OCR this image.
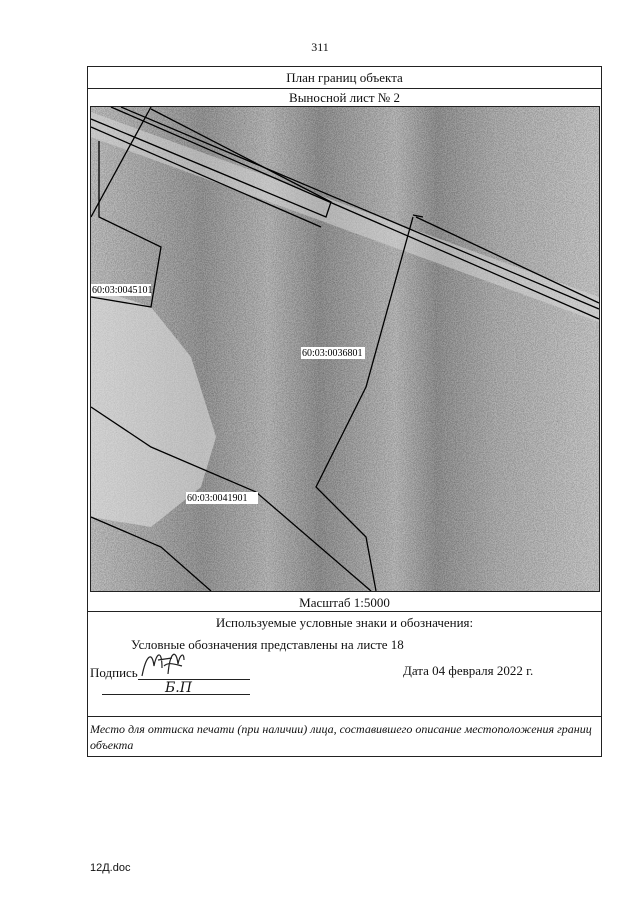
311
План границ объекта
Выносной лист № 2
60:03:0045101
60:03:0036801
60:03:0041901
Масштаб 1:5000
Используемые условные знаки и обозначения:
Условные обозначения представлены на листе 18
Подпись
Б.П
Дата 04 февраля 2022 г.
Место для оттиска печати (при наличии) лица, составившего описание местоположения границ объекта
12Д.doc
